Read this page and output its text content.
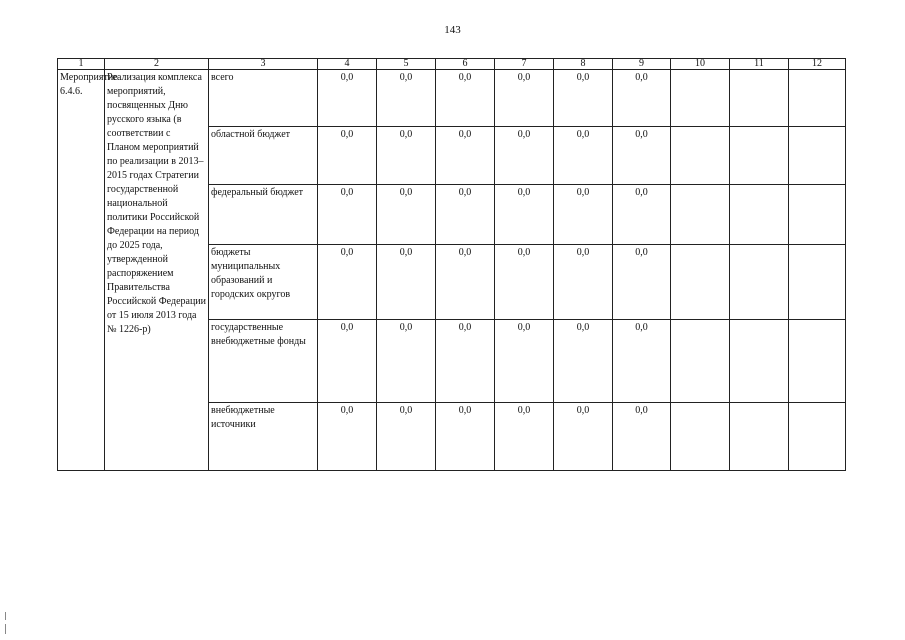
143
1	2	3	4	5	6	7	8	9	10	11	12
Мероприятие 6.4.6.	Реализация комплекса мероприятий, посвященных Дню русского языка (в соответствии с Планом мероприятий по реализации в 2013–2015 годах Стратегии государственной национальной политики Российской Федерации на период до 2025 года, утвержденной распоряжением Правительства Российской Федерации от 15 июля 2013 года № 1226-р)	всего	0,0	0,0	0,0	0,0	0,0	0,0			
		областной бюджет	0,0	0,0	0,0	0,0	0,0	0,0			
		федеральный бюджет	0,0	0,0	0,0	0,0	0,0	0,0			
		бюджеты муниципальных образований и городских округов	0,0	0,0	0,0	0,0	0,0	0,0			
		государственные внебюджетные фонды	0,0	0,0	0,0	0,0	0,0	0,0			
		внебюджетные источники	0,0	0,0	0,0	0,0	0,0	0,0			
